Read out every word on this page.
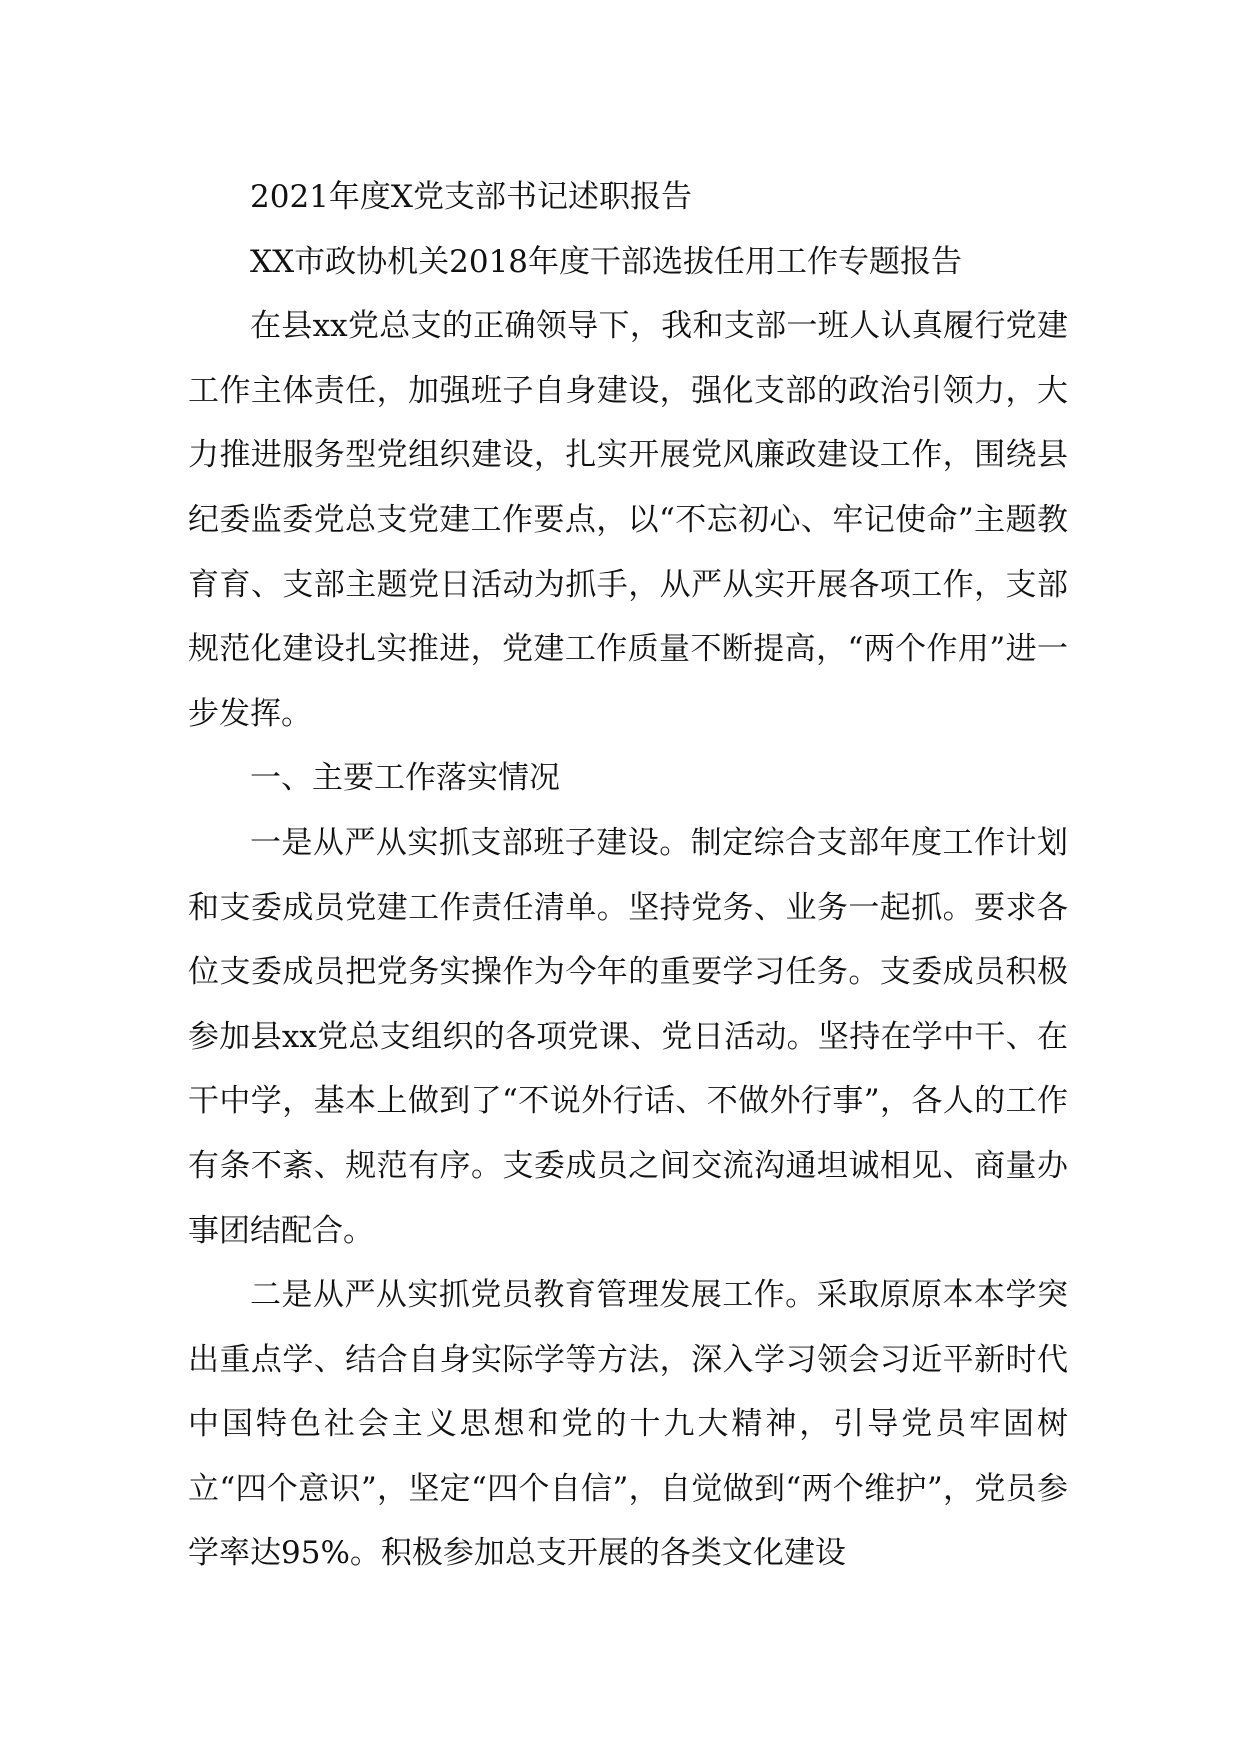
2021年度X党支部书记述职报告

XX市政协机关2018年度干部选拔任用工作专题报告

在县xx党总支的正确领导下，我和支部一班人认真履行党建工作主体责任，加强班子自身建设，强化支部的政治引领力，大力推进服务型党组织建设，扎实开展党风廉政建设工作，围绕县纪委监委党总支党建工作要点，以“不忘初心、牢记使命”主题教育育、支部主题党日活动为抓手，从严从实开展各项工作，支部规范化建设扎实推进，党建工作质量不断提高，“两个作用”进一步发挥。

一、主要工作落实情况

一是从严从实抓支部班子建设。制定综合支部年度工作计划和支委成员党建工作责任清单。坚持党务、业务一起抓。要求各位支委成员把党务实操作为今年的重要学习任务。支委成员积极参加县xx党总支组织的各项党课、党日活动。坚持在学中干、在干中学，基本上做到了“不说外行话、不做外行事”，各人的工作有条不紊、规范有序。支委成员之间交流沟通坦诚相见、商量办事团结配合。

二是从严从实抓党员教育管理发展工作。采取原原本本学突出重点学、结合自身实际学等方法，深入学习领会习近平新时代中国特色社会主义思想和党的十九大精神，引导党员牢固树立“四个意识”，坚定“四个自信”，自觉做到“两个维护”，党员参学率达95%。积极参加总支开展的各类文化建设
